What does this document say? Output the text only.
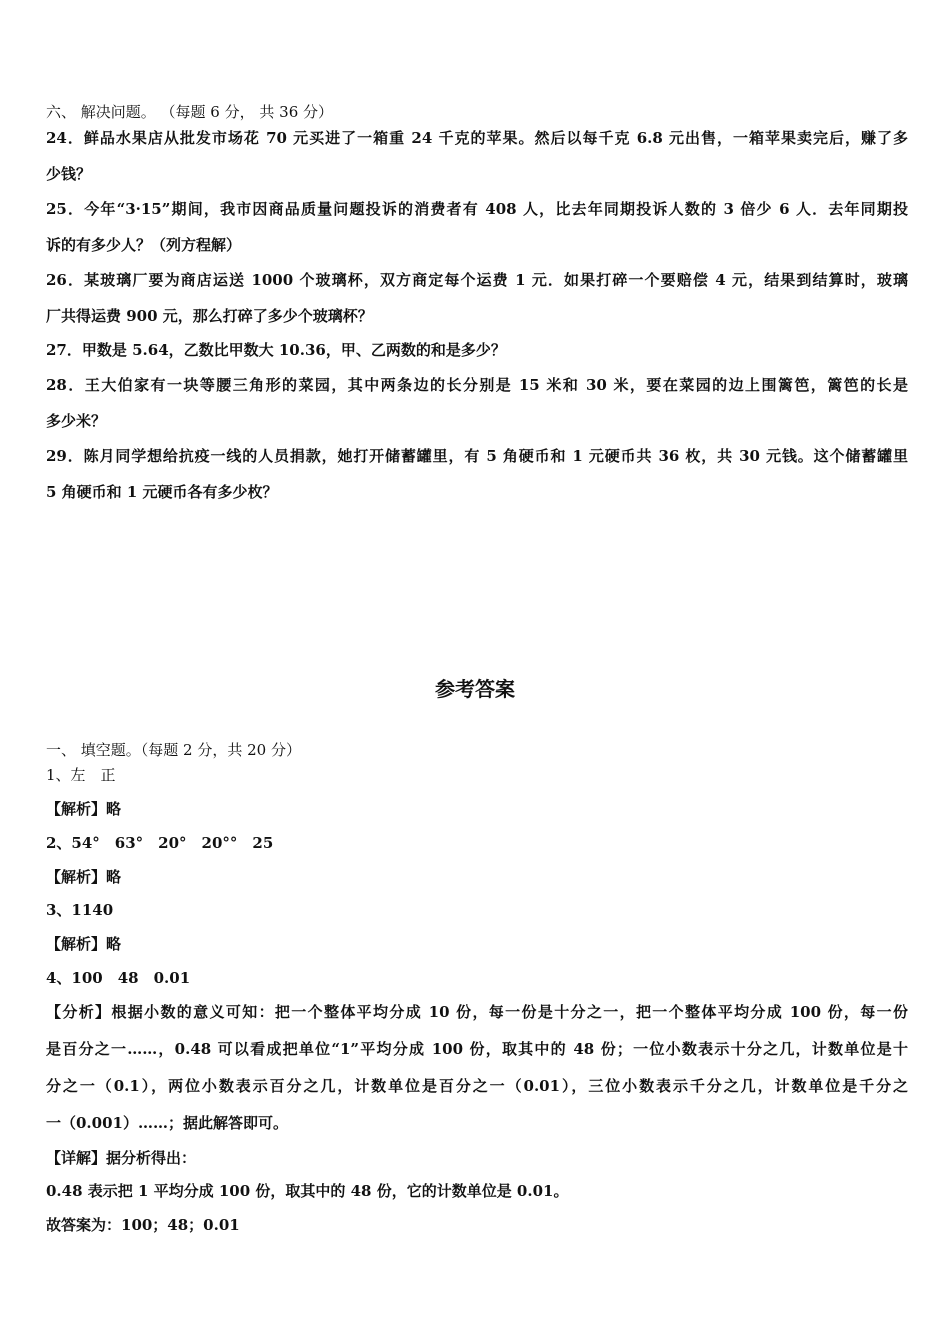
六、 解决问题。 （每题 6 分， 共 36 分）

24．鲜品水果店从批发市场花 70 元买进了一箱重 24 千克的苹果。然后以每千克 6.8 元出售，一箱苹果卖完后，赚了多

少钱？

25．今年“3·15”期间，我市因商品质量问题投诉的消费者有 408 人，比去年同期投诉人数的 3 倍少 6 人．去年同期投

诉的有多少人？（列方程解）

26．某玻璃厂要为商店运送 1000 个玻璃杯，双方商定每个运费 1 元．如果打碎一个要赔偿 4 元，结果到结算时，玻璃

厂共得运费 900 元，那么打碎了多少个玻璃杯？

27．甲数是 5.64，乙数比甲数大 10.36，甲、乙两数的和是多少？

28．王大伯家有一块等腰三角形的菜园，其中两条边的长分别是 15 米和 30 米，要在菜园的边上围篱笆，篱笆的长是

多少米？

29．陈月同学想给抗疫一线的人员捐款，她打开储蓄罐里，有 5 角硬币和 1 元硬币共 36 枚，共 30 元钱。这个储蓄罐里

5 角硬币和 1 元硬币各有多少枚？

参考答案

一、 填空题。（每题 2 分，共 20 分）

1、左　正

【解析】略

2、54°　63°　20°　20°°　25

【解析】略

3、1140

【解析】略

4、100　48　0.01

【分析】根据小数的意义可知：把一个整体平均分成 10 份，每一份是十分之一，把一个整体平均分成 100 份，每一份

是百分之一……，0.48 可以看成把单位“1”平均分成 100 份，取其中的 48 份；一位小数表示十分之几，计数单位是十

分之一（0.1），两位小数表示百分之几，计数单位是百分之一（0.01），三位小数表示千分之几，计数单位是千分之

一（0.001）……；据此解答即可。

【详解】据分析得出：

0.48 表示把 1 平均分成 100 份，取其中的 48 份，它的计数单位是 0.01。

故答案为：100；48；0.01
